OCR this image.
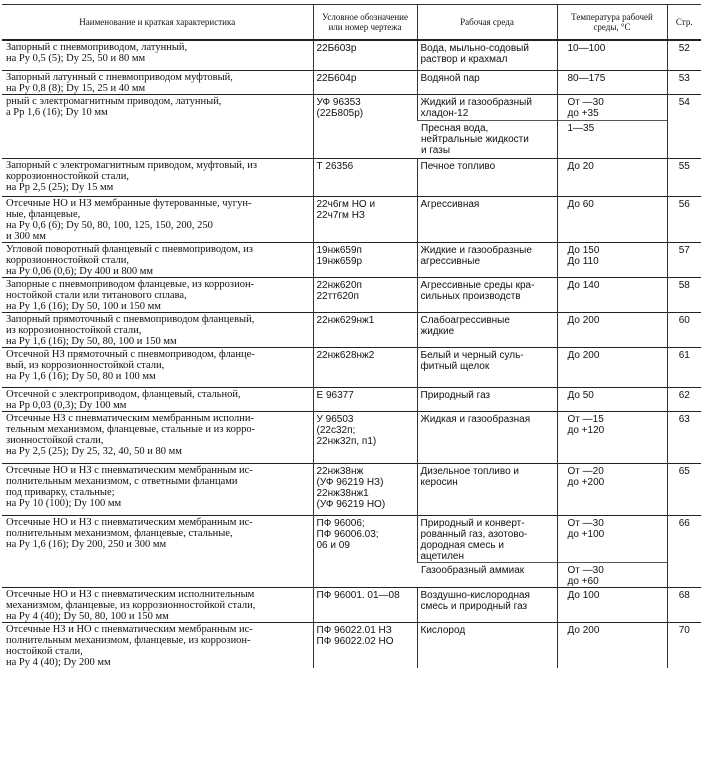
Наименование и краткая характеристика	Условное обозначение или номер чертежа	Рабочая среда	Температура рабочей среды, °С	Стр.

Запорный с пневмоприводом, латунный,
на Pу 0,5 (5); Dу 25, 50 и 80 мм	22Б603р	Вода, мыльно-содовый
раствор и крахмал	10—100	52

Запорный латунный с пневмоприводом муфтовый,
на Pу 0,8 (8); Dу 15, 25 и 40 мм	22Б604р	Водяной пар	80—175	53

рный с электромагнитным приводом, латунный,
а Pр 1,6 (16); Dу 10 мм	УФ 96353
(22Б805р)	Жидкий и газообразный
хладон-12	От —30
до +35	54

		Пресная вода,
нейтральные жидкости
и газы	1—35	

Запорный с электромагнитным приводом, муфтовый, из
коррозионностойкой стали,
на Pр 2,5 (25); Dу 15 мм	Т 26356	Печное топливо	До 20	55

Отсечные НО и НЗ мембранные футерованные, чугун-
ные, фланцевые,
на Pу 0,6 (6); Dу 50, 80, 100, 125, 150, 200, 250
и 300 мм	22ч6гм НО и
22ч7гм НЗ	Агрессивная	До 60	56

Угловой поворотный фланцевый с пневмоприводом, из
коррозионностойкой стали,
на Pу 0,06 (0,6); Dу 400 и 800 мм	19нж659п
19нж659р	Жидкие и газообразные
агрессивные	До 150
До 110	57

Запорные с пневмоприводом фланцевые, из коррозион-
ностойкой стали или титанового сплава,
на Pу 1,6 (16); Dу 50, 100 и 150 мм	22нж620п
22тт620п	Агрессивные среды кра-
сильных производств	До 140	58

Запорный прямоточный с пневмоприводом фланцевый,
из коррозионностойкой стали,
на Pу 1,6 (16); Dу 50, 80, 100 и 150 мм	22нж629нж1	Слабоагрессивные
жидкие	До 200	60

Отсечной НЗ прямоточный с пневмоприводом, фланце-
вый, из коррозионностойкой стали,
на Pу 1,6 (16); Dу 50, 80 и 100 мм	22нж628нж2	Белый и черный суль-
фитный щелок	До 200	61

Отсечной с электроприводом, фланцевый, стальной,
на Pр 0,03 (0,3); Dу 100 мм	Е 96377	Природный газ	До 50	62

Отсечные НЗ с пневматическим мембранным исполни-
тельным механизмом, фланцевые, стальные и из корро-
зионностойкой стали,
на Pу 2,5 (25); Dу 25, 32, 40, 50 и 80 мм	У 96503
(22с32п;
22нж32п, п1)	Жидкая и газообразная	От —15
до +120	63

Отсечные НО и НЗ с пневматическим мембранным ис-
полнительным механизмом, с ответными фланцами
под приварку, стальные;
на Pу 10 (100); Dу 100 мм	22нж38нж
(УФ 96219 НЗ)
22нж38нж1
(УФ 96219 НО)	Дизельное топливо и
керосин	От —20
до +200	65

Отсечные НО и НЗ с пневматическим мембранным ис-
полнительным механизмом, фланцевые, стальные,
на Pу 1,6 (16); Dу 200, 250 и 300 мм	ПФ 96006;
ПФ 96006.03;
06 и 09	Природный и конверт-
рованный газ, азотово-
дородная смесь и
ацетилен	От —30
до +100	66

		Газообразный аммиак	От —30
до +60	

Отсечные НО и НЗ с пневматическим исполнительным
механизмом, фланцевые, из коррозионностойкой стали,
на Pу 4 (40); Dу 50, 80, 100 и 150 мм	ПФ 96001. 01—08	Воздушно-кислородная
смесь и природный газ	До 100	68

Отсечные НЗ и НО с пневматическим мембранным ис-
полнительным механизмом, фланцевые, из коррозион-
ностойкой стали,
на Pу 4 (40); Dу 200 мм	ПФ 96022.01 НЗ
ПФ 96022.02 НО	Кислород	До 200	70
